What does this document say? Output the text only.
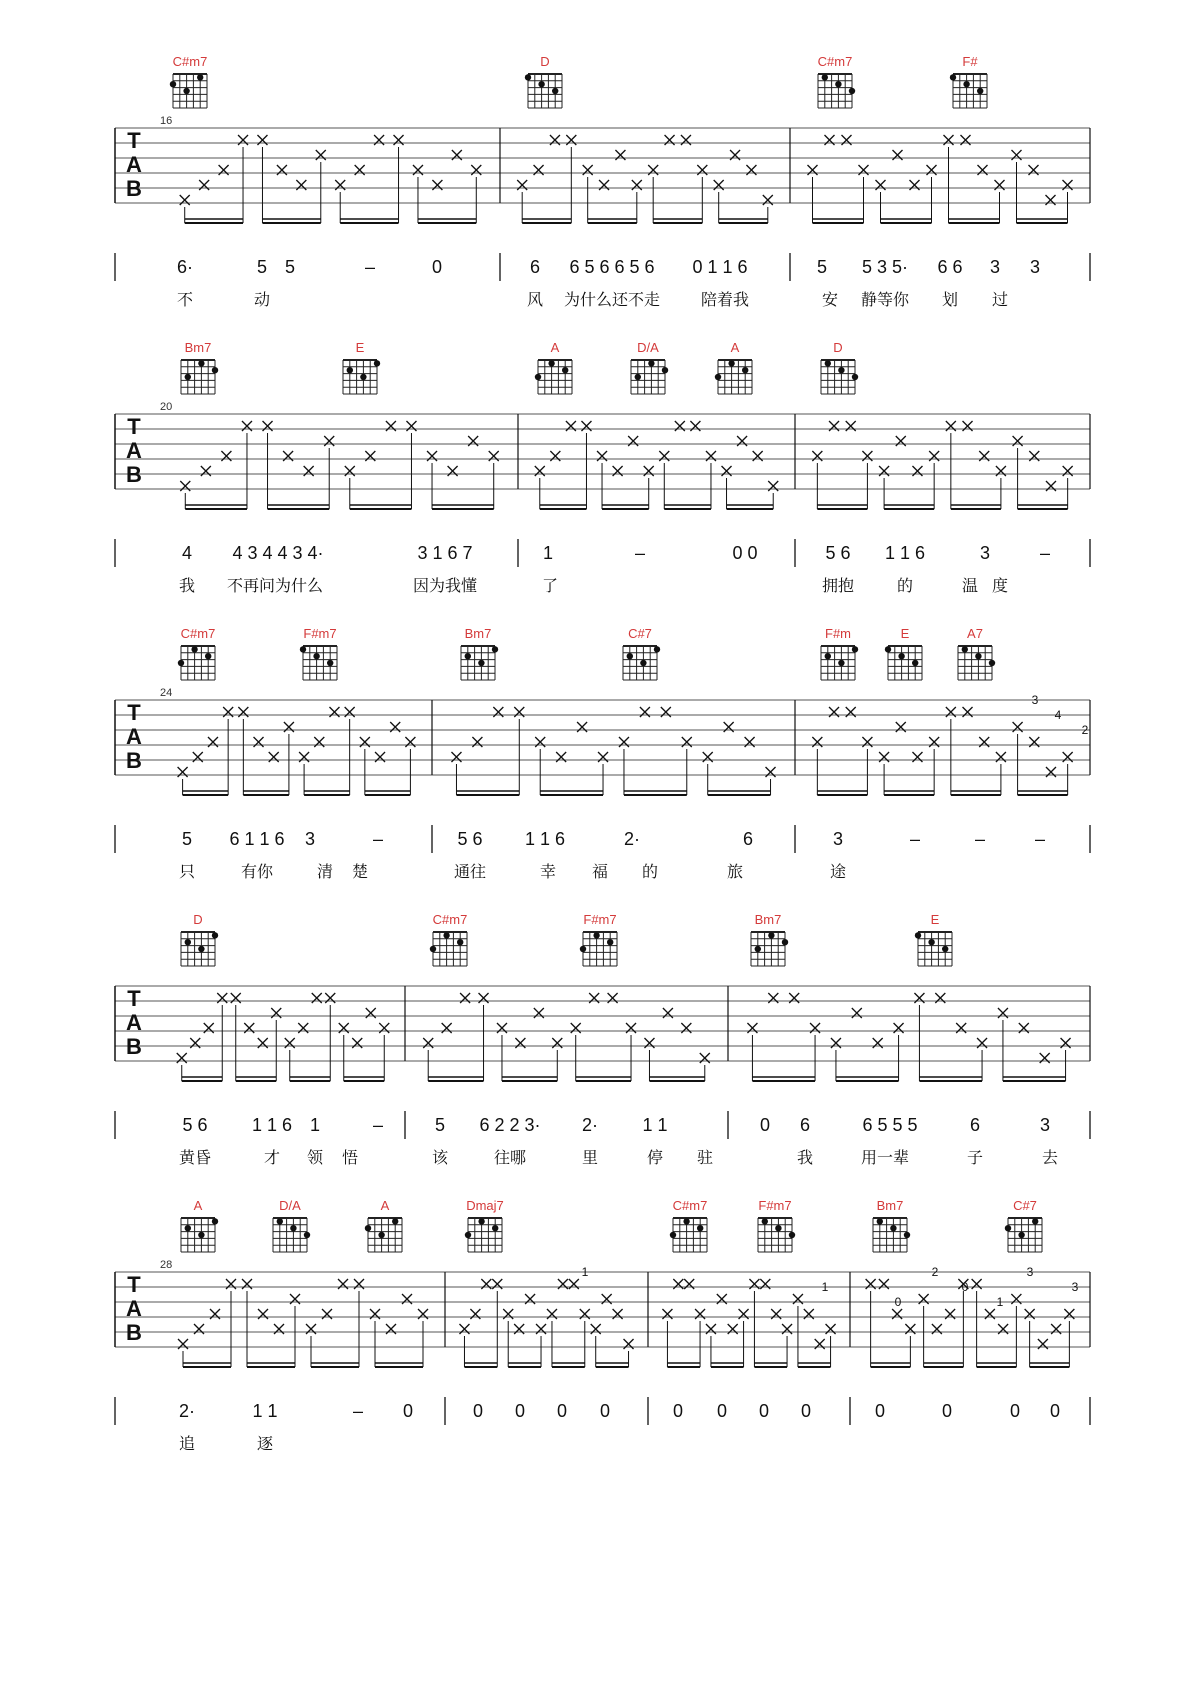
C#m7	D	C#m7	F#
T
A
B
16
6·	5 5	–	0	6 6 5 6 6 5 6 0 1 1 6	5 5 3 5· 6 6 3 3
不	动	风 为什么还不走	陪着我	安 静等你 划 过
Bm7	E	A	D/A	A	D
T
A
B
20
4 4 3 4 4 3 4·	3 1 6 7	1	–	0 0	5 6 1 1 6	3	–
我 不再问为什么	因为我懂	了	拥抱	的	温 度
C#m7	F#m7	Bm7	C#7	F#m	E	A7
T
A
B
24	3
4
2
5 6 1 1 6 3	–	5 6 1 1 6	2·	6	3	–	–	–
只	有你	清 楚	通往	幸 福 的	旅	途
D	C#m7	F#m7	Bm7	E
T
A
B
5 6 1 1 6 1	–	5 6 2 2 3· 2· 1 1	0 6	6 5 5 5	6	3
黄昏	才 领 悟	该	往哪	里	停 驻	我	用一辈	子	去
A	D/A	A	Dmaj7	C#m7	F#m7	Bm7	C#7
T
A
B
28	1
1
0
2
0
1
3
3
2·	1 1	– 0	0 0 0 0	0 0 0 0	0	0	0 0
追	逐
